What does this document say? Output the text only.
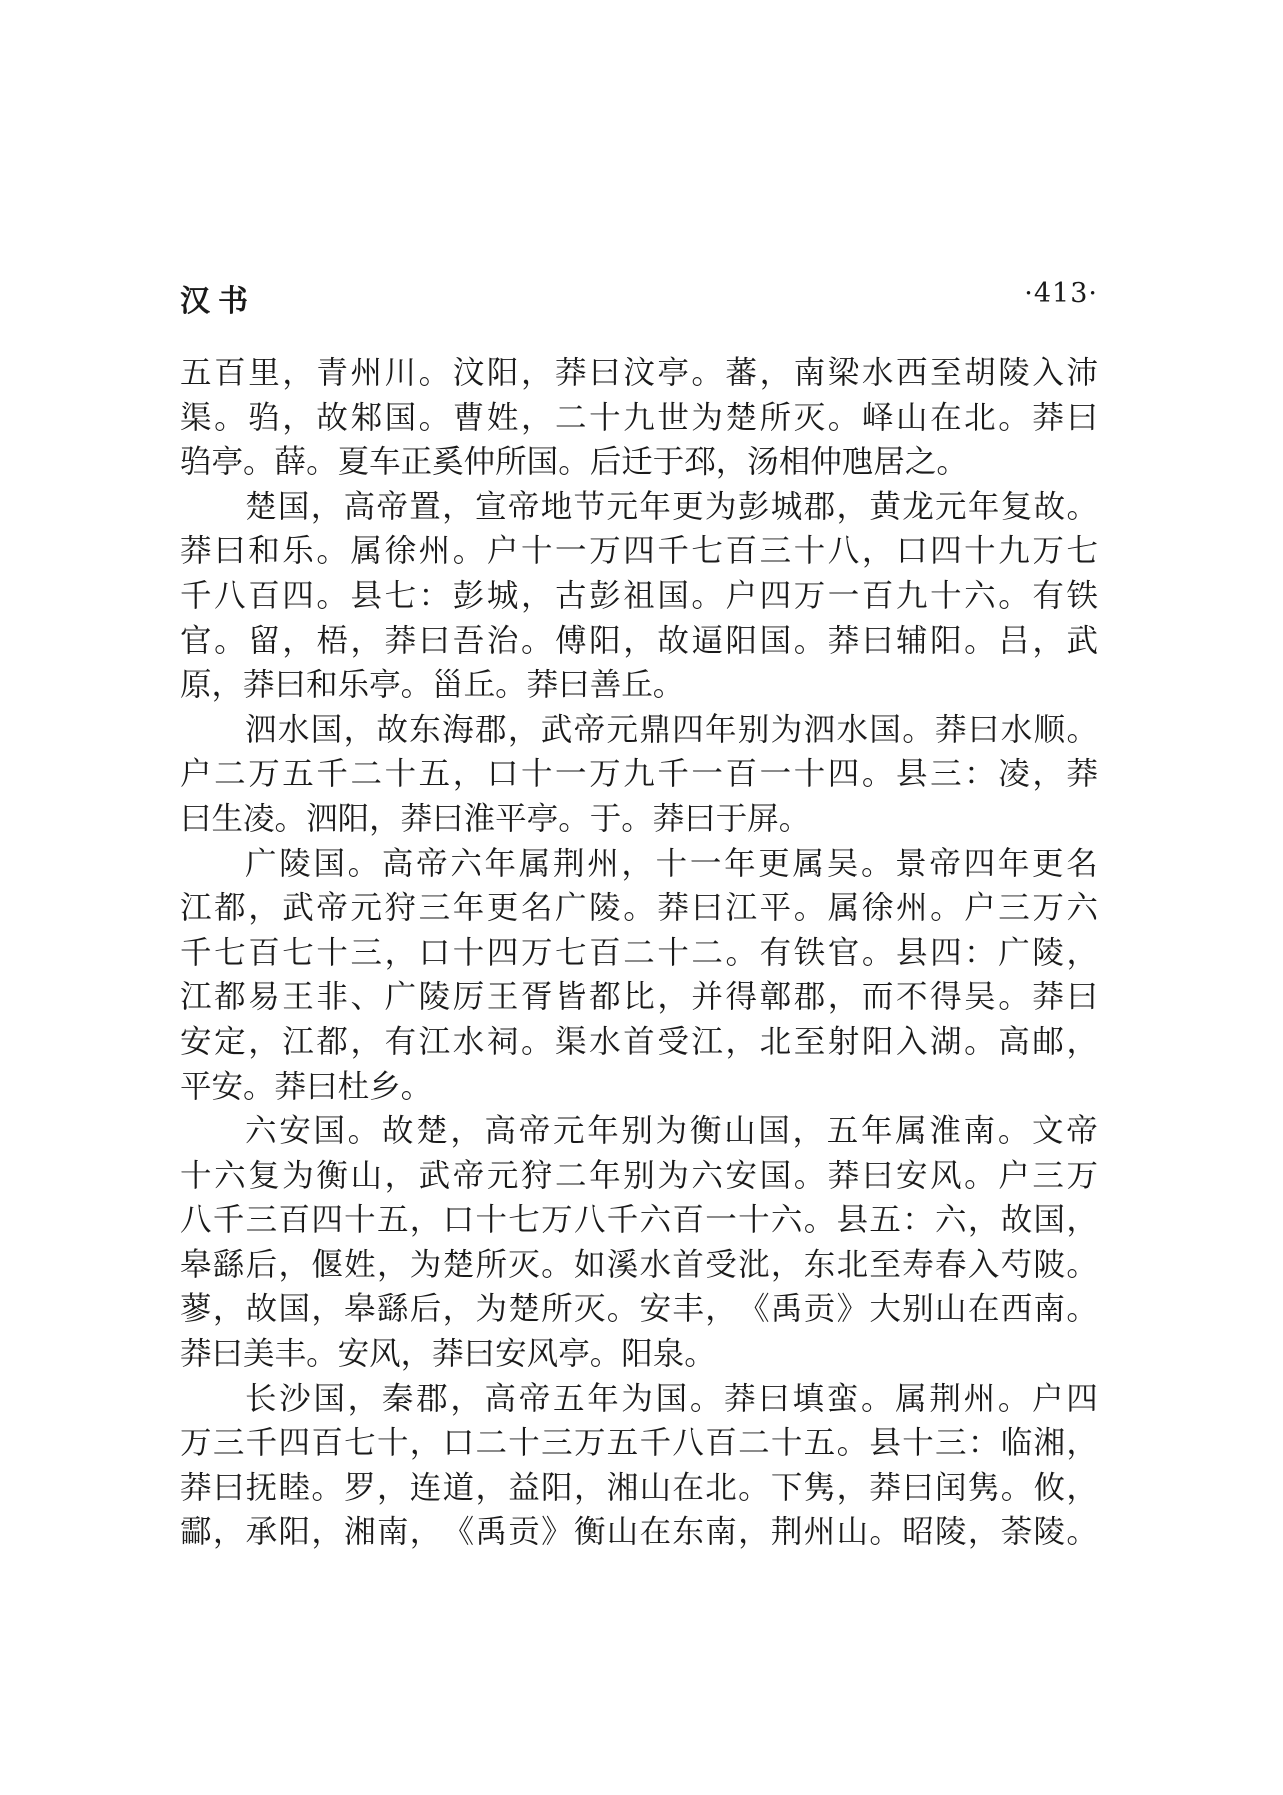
汉书	·413·
五 百 里 ， 青 州 川 。 汶 阳 ， 莽 曰 汶 亭 。 蕃 ， 南 梁 水 西 至 胡 陵 入 沛
渠 。 驺 ， 故 邾 国 。 曹 姓 ， 二 十 九 世 为 楚 所 灭 。 峄 山 在 北 。 莽 曰
驺 亭 。 薛 。 夏 车 正 奚 仲 所 国 。 后 迁 于 邳 ， 汤 相 仲 虺 居 之 。
楚 国 ， 高 帝 置 ， 宣 帝 地 节 元 年 更 为 彭 城 郡 ， 黄 龙 元 年 复 故 。
莽 曰 和 乐 。 属 徐 州 。 户 十 一 万 四 千 七 百 三 十 八 ， 口 四 十 九 万 七
千 八 百 四 。 县 七 ： 彭 城 ， 古 彭 祖 国 。 户 四 万 一 百 九 十 六 。 有 铁
官 。 留 ， 梧 ， 莽 曰 吾 治 。 傅 阳 ， 故 逼 阳 国 。 莽 曰 辅 阳 。 吕 ， 武
原 ， 莽 曰 和 乐 亭 。 甾 丘 。 莽 曰 善 丘 。
泗 水 国 ， 故 东 海 郡 ， 武 帝 元 鼎 四 年 别 为 泗 水 国 。 莽 曰 水 顺 。
户 二 万 五 千 二 十 五 ， 口 十 一 万 九 千 一 百 一 十 四 。 县 三 ： 凌 ， 莽
曰 生 凌 。 泗 阳 ， 莽 曰 淮 平 亭 。 于 。 莽 曰 于 屏 。
广 陵 国 。 高 帝 六 年 属 荆 州 ， 十 一 年 更 属 吴 。 景 帝 四 年 更 名
江 都 ， 武 帝 元 狩 三 年 更 名 广 陵 。 莽 曰 江 平 。 属 徐 州 。 户 三 万 六
千 七 百 七 十 三 ， 口 十 四 万 七 百 二 十 二 。 有 铁 官 。 县 四 ： 广 陵 ，
江 都 易 王 非 、 广 陵 厉 王 胥 皆 都 比 ， 并 得 鄣 郡 ， 而 不 得 吴 。 莽 曰
安 定 ， 江 都 ， 有 江 水 祠 。 渠 水 首 受 江 ， 北 至 射 阳 入 湖 。 高 邮 ，
平 安 。 莽 曰 杜 乡 。
六 安 国 。 故 楚 ， 高 帝 元 年 别 为 衡 山 国 ， 五 年 属 淮 南 。 文 帝
十 六 复 为 衡 山 ， 武 帝 元 狩 二 年 别 为 六 安 国 。 莽 曰 安 风 。 户 三 万
八 千 三 百 四 十 五 ， 口 十 七 万 八 千 六 百 一 十 六 。 县 五 ： 六 ， 故 国 ，
皋 繇 后 ， 偃 姓 ， 为 楚 所 灭 。 如 溪 水 首 受 沘 ， 东 北 至 寿 春 入 芍 陂 。
蓼 ， 故 国 ， 皋 繇 后 ， 为 楚 所 灭 。 安 丰 ， 《 禹 贡 》 大 别 山 在 西 南 。
莽 曰 美 丰 。 安 风 ， 莽 曰 安 风 亭 。 阳 泉 。
长 沙 国 ， 秦 郡 ， 高 帝 五 年 为 国 。 莽 曰 填 蛮 。 属 荆 州 。 户 四
万 三 千 四 百 七 十 ， 口 二 十 三 万 五 千 八 百 二 十 五 。 县 十 三 ： 临 湘 ，
莽 曰 抚 睦 。 罗 ， 连 道 ， 益 阳 ， 湘 山 在 北 。 下 隽 ， 莽 曰 闰 隽 。 攸 ，
酃 ， 承 阳 ， 湘 南 ， 《 禹 贡 》 衡 山 在 东 南 ， 荆 州 山 。 昭 陵 ， 荼 陵 。
